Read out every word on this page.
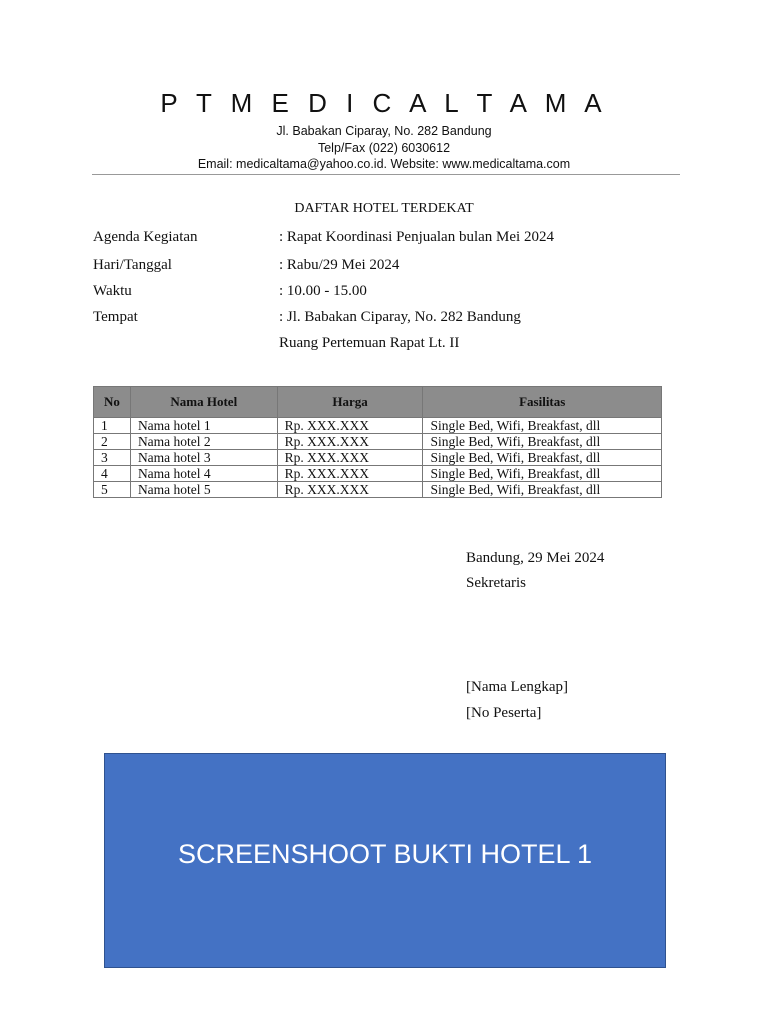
P T M E D I C A L T A M A
Jl. Babakan Ciparay, No. 282 Bandung
Telp/Fax (022) 6030612
Email: medicaltama@yahoo.co.id. Website: www.medicaltama.com
DAFTAR HOTEL TERDEKAT
Agenda Kegiatan	: Rapat Koordinasi Penjualan bulan Mei 2024
Hari/Tanggal	: Rabu/29 Mei 2024
Waktu	: 10.00 - 15.00
Tempat	: Jl. Babakan Ciparay, No. 282 Bandung
Ruang Pertemuan Rapat Lt. II
No	Nama Hotel	Harga	Fasilitas
1	Nama hotel 1	Rp. XXX.XXX	Single Bed, Wifi, Breakfast, dll
2	Nama hotel 2	Rp. XXX.XXX	Single Bed, Wifi, Breakfast, dll
3	Nama hotel 3	Rp. XXX.XXX	Single Bed, Wifi, Breakfast, dll
4	Nama hotel 4	Rp. XXX.XXX	Single Bed, Wifi, Breakfast, dll
5	Nama hotel 5	Rp. XXX.XXX	Single Bed, Wifi, Breakfast, dll
Bandung, 29 Mei 2024
Sekretaris
[Nama Lengkap]
[No Peserta]
SCREENSHOOT BUKTI HOTEL 1
